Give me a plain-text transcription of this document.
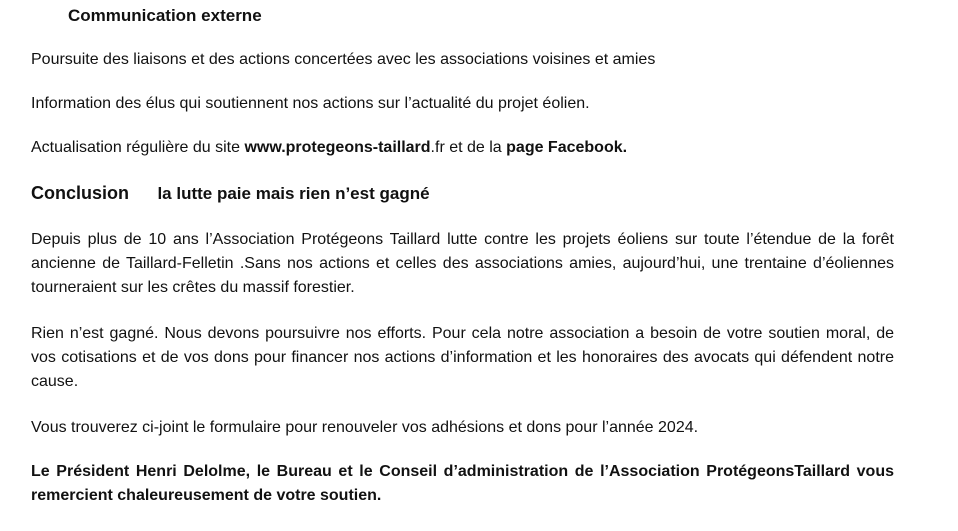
Communication externe

Poursuite des liaisons et des actions concertées avec les associations voisines et amies

Information des élus qui soutiennent nos actions sur l’actualité du projet éolien.

Actualisation régulière du site www.protegeons-taillard.fr et de la page Facebook.

Conclusion la lutte paie mais rien n’est gagné

Depuis plus de 10 ans l’Association Protégeons Taillard lutte contre les projets éoliens sur toute l’étendue de la forêt ancienne de Taillard-Felletin .Sans nos actions et celles des associations amies, aujourd’hui, une trentaine d’éoliennes tourneraient sur les crêtes du massif forestier.

Rien n’est gagné. Nous devons poursuivre nos efforts. Pour cela notre association a besoin de votre soutien moral, de vos cotisations et de vos dons pour financer nos actions d’information et les honoraires des avocats qui défendent notre cause.

Vous trouverez ci-joint le formulaire pour renouveler vos adhésions et dons pour l’année 2024.

Le Président Henri Delolme, le Bureau et le Conseil d’administration de l’Association ProtégeonsTaillard vous remercient chaleureusement de votre soutien.
